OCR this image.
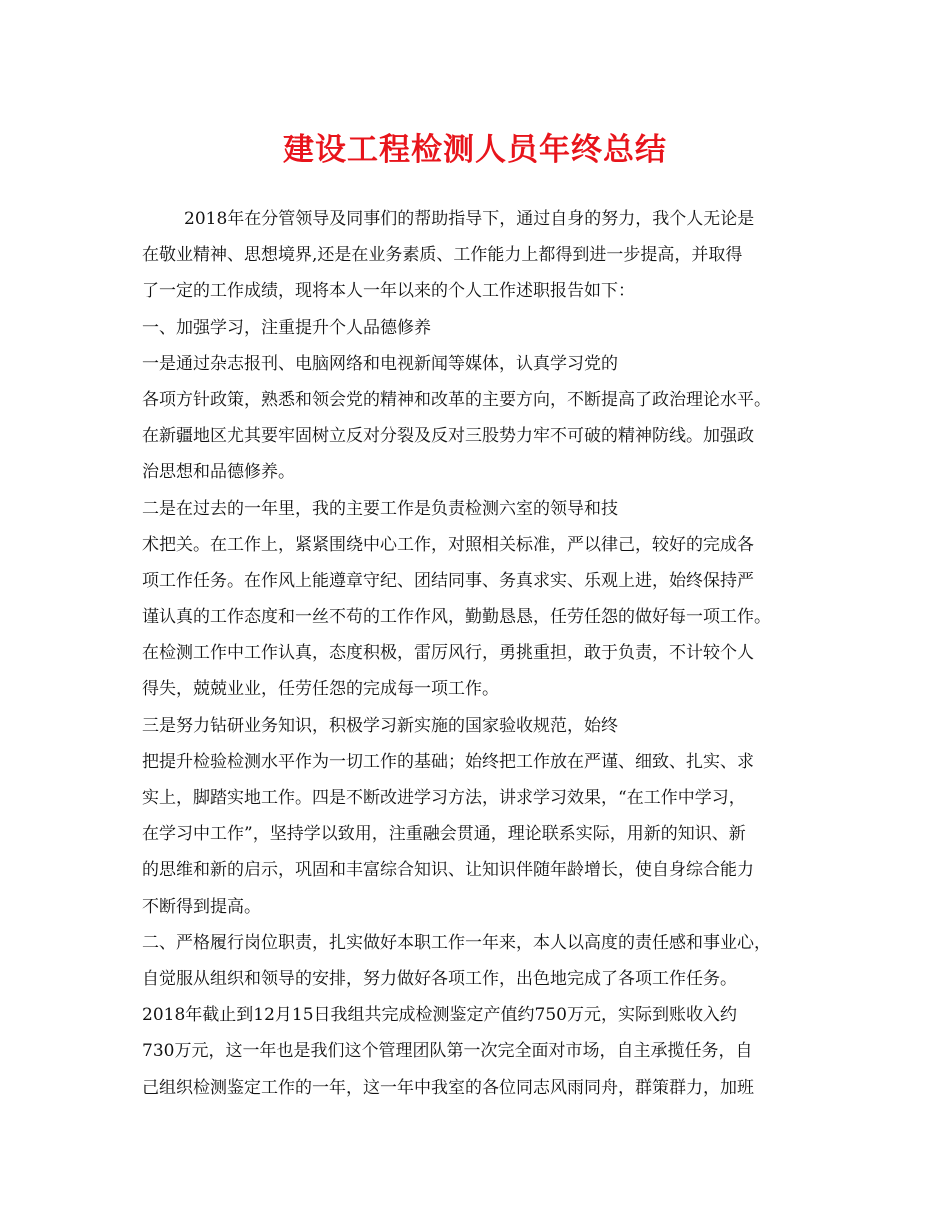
建设工程检测人员年终总结
2018年在分管领导及同事们的帮助指导下，通过自身的努力，我个人无论是
在敬业精神、思想境界,还是在业务素质、工作能力上都得到进一步提高，并取得
了一定的工作成绩，现将本人一年以来的个人工作述职报告如下：
一、加强学习，注重提升个人品德修养
一是通过杂志报刊、电脑网络和电视新闻等媒体，认真学习党的
各项方针政策，熟悉和领会党的精神和改革的主要方向，不断提高了政治理论水平。
在新疆地区尤其要牢固树立反对分裂及反对三股势力牢不可破的精神防线。加强政
治思想和品德修养。
二是在过去的一年里，我的主要工作是负责检测六室的领导和技
术把关。在工作上，紧紧围绕中心工作，对照相关标准，严以律己，较好的完成各
项工作任务。在作风上能遵章守纪、团结同事、务真求实、乐观上进，始终保持严
谨认真的工作态度和一丝不苟的工作作风，勤勤恳恳，任劳任怨的做好每一项工作。
在检测工作中工作认真，态度积极，雷厉风行，勇挑重担，敢于负责，不计较个人
得失，兢兢业业，任劳任怨的完成每一项工作。
三是努力钻研业务知识，积极学习新实施的国家验收规范，始终
把提升检验检测水平作为一切工作的基础；始终把工作放在严谨、细致、扎实、求
实上，脚踏实地工作。四是不断改进学习方法，讲求学习效果，“在工作中学习，
在学习中工作”，坚持学以致用，注重融会贯通，理论联系实际，用新的知识、新
的思维和新的启示，巩固和丰富综合知识、让知识伴随年龄增长，使自身综合能力
不断得到提高。
二、严格履行岗位职责，扎实做好本职工作一年来，本人以高度的责任感和事业心，
自觉服从组织和领导的安排，努力做好各项工作，出色地完成了各项工作任务。
2018年截止到12月15日我组共完成检测鉴定产值约750万元，实际到账收入约
730万元，这一年也是我们这个管理团队第一次完全面对市场，自主承揽任务，自
己组织检测鉴定工作的一年，这一年中我室的各位同志风雨同舟，群策群力，加班
